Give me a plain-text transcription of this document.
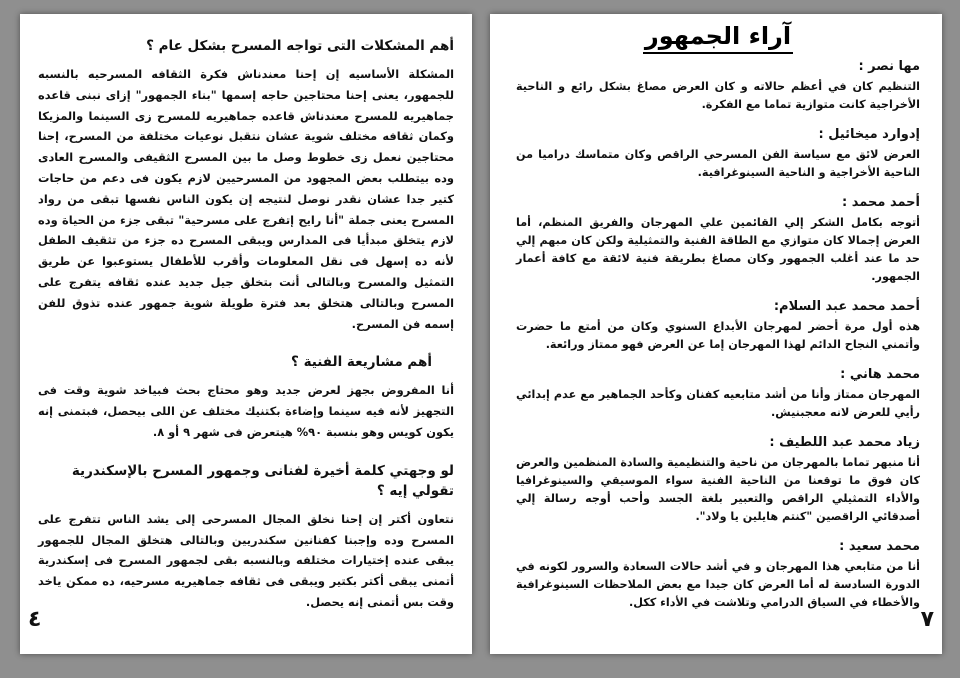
أهم المشكلات التى تواجه المسرح بشكل عام ؟

المشكلة الأساسيه إن إحنا معندناش فكرة الثقافه المسرحيه بالنسبه للجمهور، يعنى إحنا محتاجين حاجه إسمها "بناء الجمهور" إزاى نبنى قاعده جماهيريه للمسرح معندناش قاعده جماهيريه للمسرح زى السينما والمزيكا وكمان ثقافه مختلف شوية عشان نتقبل نوعيات مختلفة من المسرح، إحنا محتاجين نعمل زى خطوط وصل ما بين المسرح الثقيفى والمسرح العادى وده بيتطلب بعض المجهود من المسرحيين لازم يكون فى دعم من حاجات كتير جدا عشان نقدر نوصل لنتيجه إن يكون الناس نفسها تبقى من رواد المسرح يعنى جملة "أنا رايح إتفرج على مسرحية" تبقى جزء من الحياة وده لازم يتخلق مبدأيا فى المدارس ويبقى المسرح ده جزء من تثقيف الطفل لأنه ده إسهل فى نقل المعلومات وأقرب للأطفال يستوعبوا عن طريق التمثيل والمسرح وبالتالى أنت بتخلق جيل جديد عنده ثقافه يتفرج على المسرح وبالتالى هتخلق بعد فترة طويلة شوية جمهور عنده تذوق للفن إسمه فن المسرح.

أهم مشاريعة الفنية ؟

أنا المفروض بجهز لعرض جديد وهو محتاج بحث فبياخد شوية وقت فى التجهيز لأنه فيه سينما وإضاءة بكتنيك مختلف عن اللى بيحصل، فبتمنى إنه يكون كويس وهو بنسبة ٩٠% هيتعرض فى شهر ٩ أو ٨.

لو وجهتي كلمة أخيرة لفنانى وجمهور المسرح بالإسكندرية تقولي إيه ؟

نتعاون أكتر إن إحنا نخلق المجال المسرحى إلى يشد الناس تتفرج على المسرح وده وإجبنا كفنانين سكندريين وبالتالى هتخلق المجال للجمهور يبقى عنده إختيارات مختلفه وبالنسبه بقى لجمهور المسرح فى إسكندرية أتمنى يبقى أكتر بكتير ويبقى فى ثقافه جماهيريه مسرحيه، ده ممكن ياخد وقت بس أتمنى إنه يحصل.

٤
آراء الجمهور

مها نصر :

التنظيم كان في أعظم حالاته و كان العرض مصاغ بشكل رائع و الناحية الأخراجية كانت متوازية تماما مع الفكرة.

إدوارد ميخائيل :

العرض لائق مع سياسة الفن المسرحي الراقص وكان متماسك دراميا من الناحية الأخراجية و الناحية السينوغرافية.

أحمد محمد :

أتوجه بكامل الشكر إلي القائمين علي المهرجان والفريق المنظم، أما العرض إجمالا كان متوازي مع الطاقة الفنية والتمثيلية ولكن كان مبهم إلي حد ما عند أغلب الجمهور وكان مصاغ بطريقة فنية لائقة مع كافة أعمار الجمهور.

أحمد محمد عبد السلام:

هذه أول مرة أحضر لمهرجان الأبداع السنوي وكان من أمتع ما حضرت وأتمني النجاح الدائم لهذا المهرجان إما عن العرض فهو ممتاز ورائعة.

محمد هاني :

المهرجان ممتاز وأنا من أشد متابعيه كفنان وكأحد الجماهير مع عدم إبدائي رأيي للعرض لانه معجبنيش.

زياد محمد عبد اللطيف :

أنا منبهر تماما بالمهرجان من ناحية والتنظيمية والسادة المنظمين والعرض كان فوق ما توقعنا من الناحية الفنية سواء الموسيقي والسينوغرافيا والأداء التمثيلي الراقص والتعبير بلغة الجسد وأحب أوجه رسالة إلي أصدقائي الراقصين "كنتم هايلين يا ولاد".

محمد سعيد :

أنا من متابعي هذا المهرجان و في أشد حالات السعادة والسرور لكونه في الدورة السادسة له أما العرض كان جيدا مع بعض الملاحظات السينوغرافية والأخطاء في السياق الدرامي وتلاشت في الأداء ككل.

٧
